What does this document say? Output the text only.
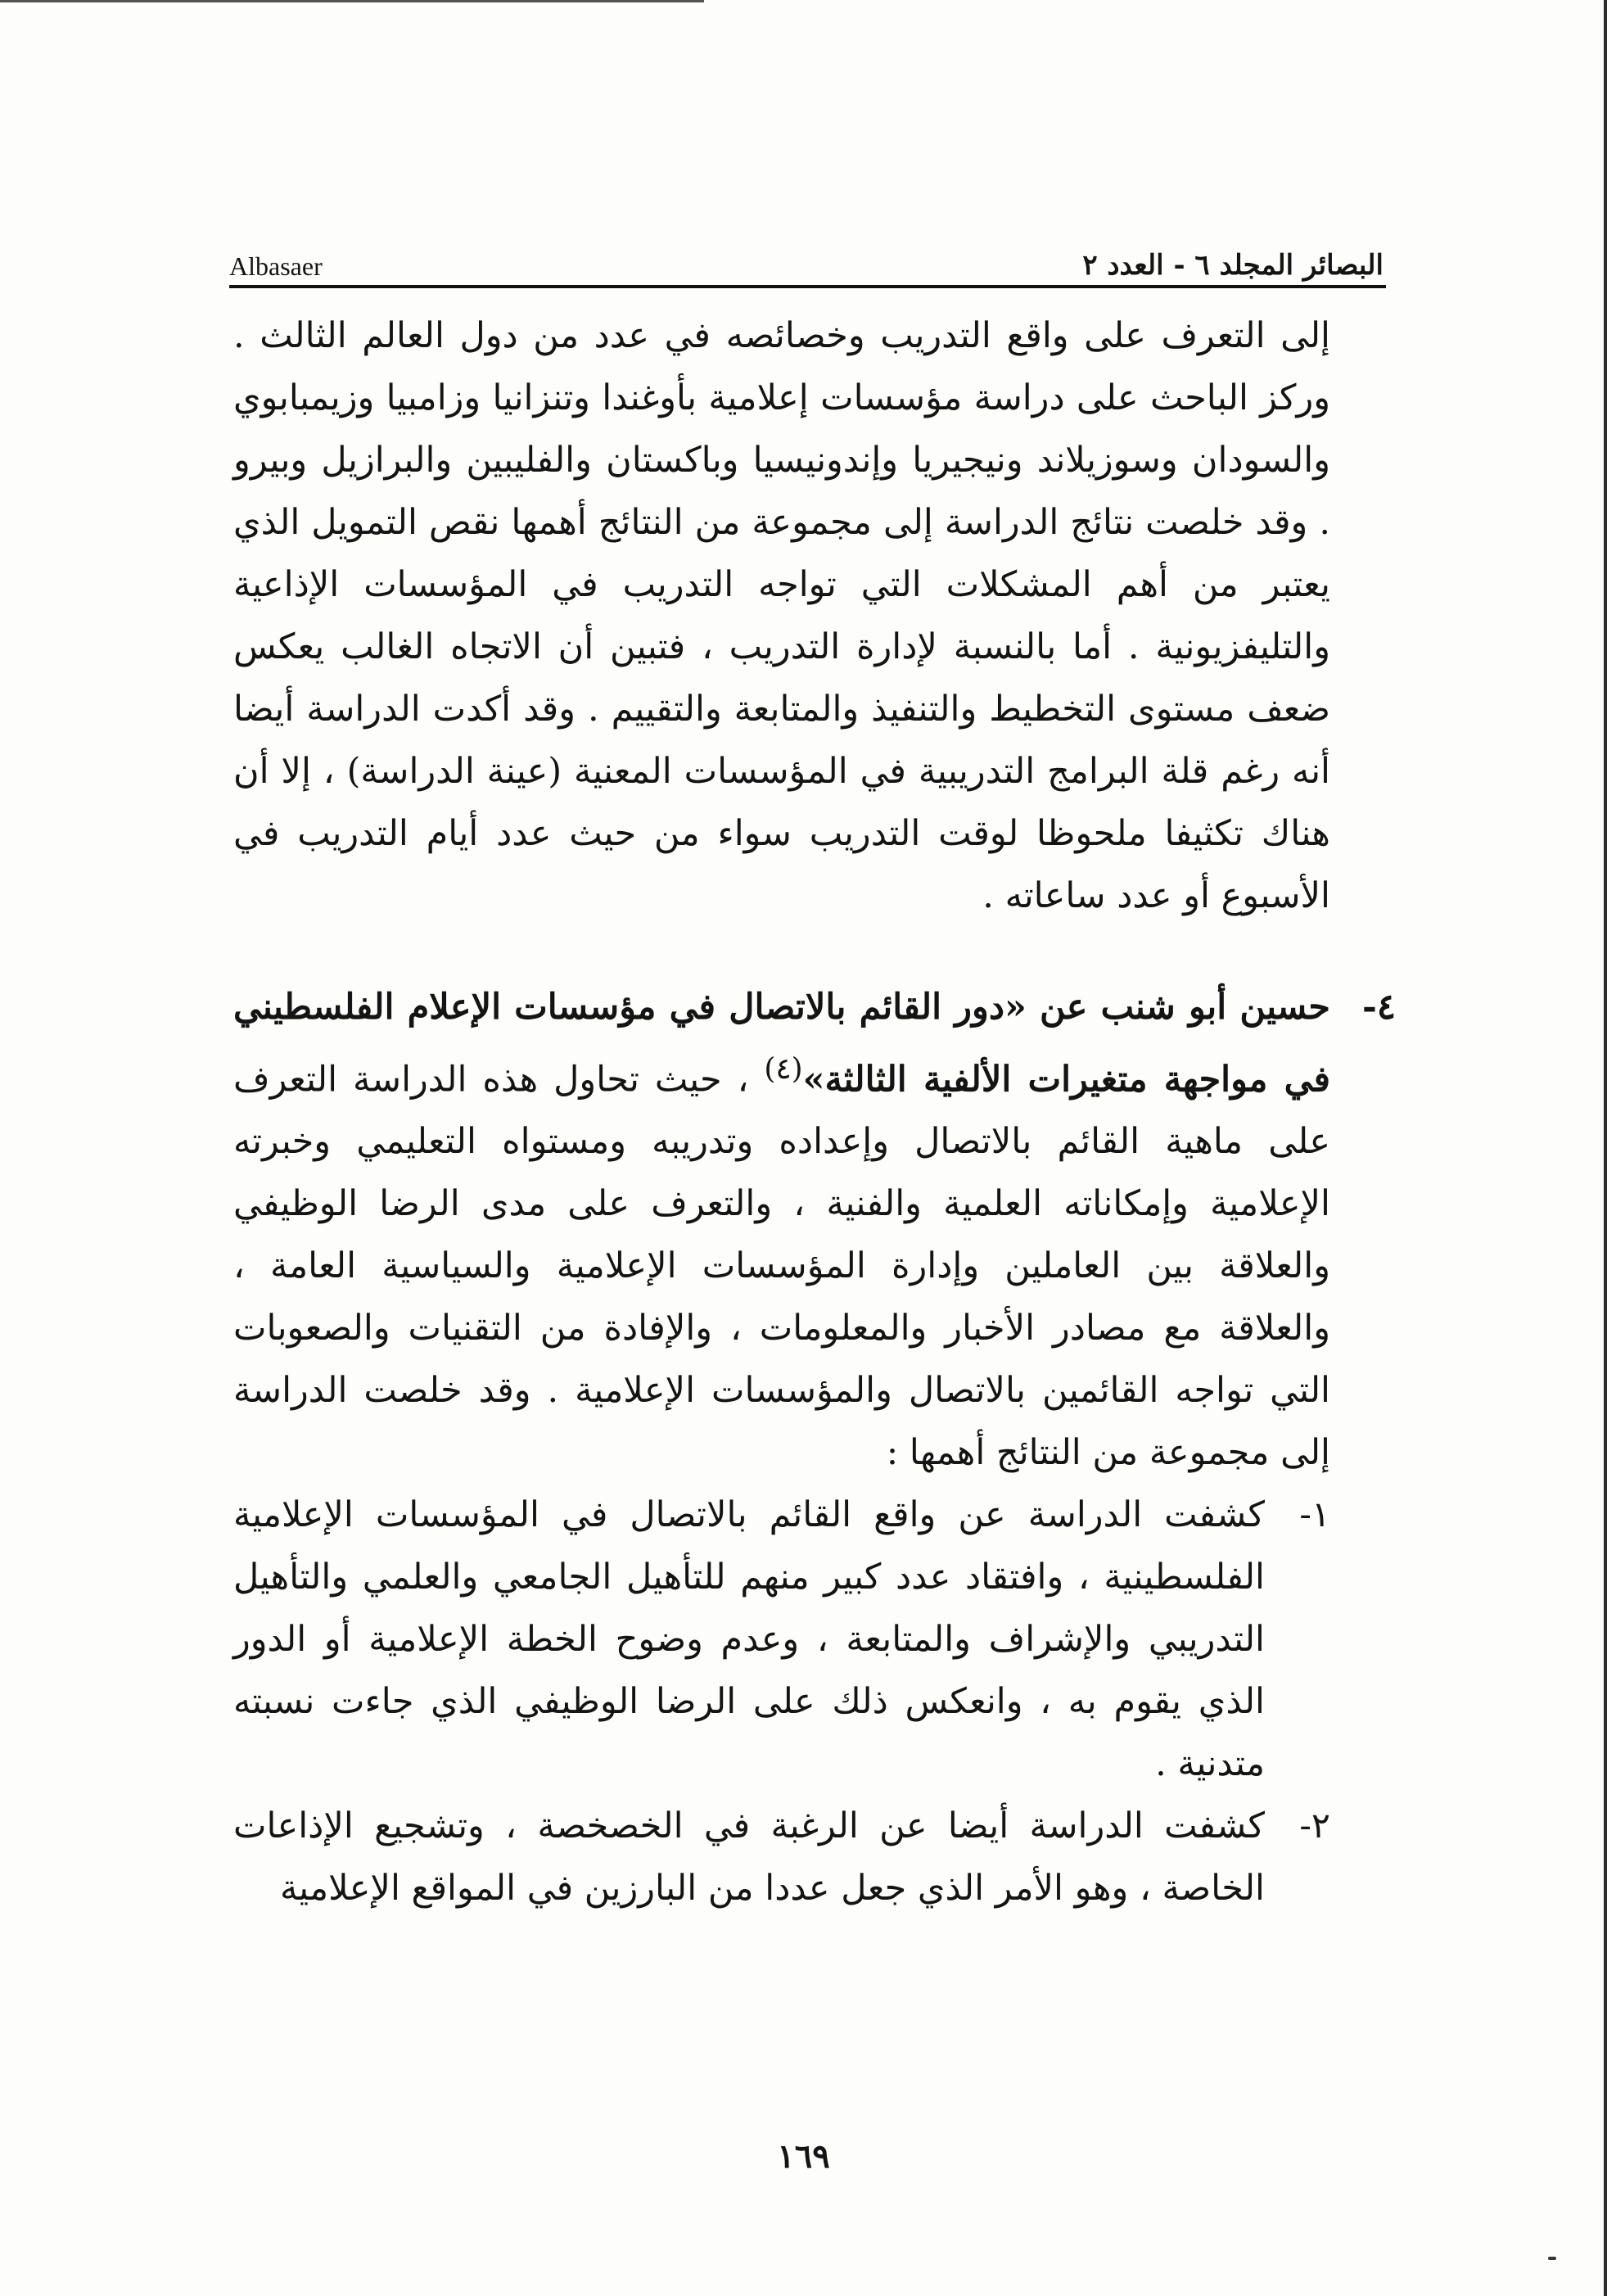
Albasaer	البصائر المجلد ٦ - العدد ٢

إلى التعرف على واقع التدريب وخصائصه في عدد من دول العالم الثالث . وركز الباحث على دراسة مؤسسات إعلامية بأوغندا وتنزانيا وزامبيا وزيمبابوي والسودان وسوزيلاند ونيجيريا وإندونيسيا وباكستان والفليبين والبرازيل وبيرو . وقد خلصت نتائج الدراسة إلى مجموعة من النتائج أهمها نقص التمويل الذي يعتبر من أهم المشكلات التي تواجه التدريب في المؤسسات الإذاعية والتليفزيونية . أما بالنسبة لإدارة التدريب ، فتبين أن الاتجاه الغالب يعكس ضعف مستوى التخطيط والتنفيذ والمتابعة والتقييم . وقد أكدت الدراسة أيضا أنه رغم قلة البرامج التدريبية في المؤسسات المعنية (عينة الدراسة) ، إلا أن هناك تكثيفا ملحوظا لوقت التدريب سواء من حيث عدد أيام التدريب في الأسبوع أو عدد ساعاته .

٤-

حسين أبو شنب عن «دور القائم بالاتصال في مؤسسات الإعلام الفلسطيني في مواجهة متغيرات الألفية الثالثة»$^{(٤)}$ ، حيث تحاول هذه الدراسة التعرف على ماهية القائم بالاتصال وإعداده وتدريبه ومستواه التعليمي وخبرته الإعلامية وإمكاناته العلمية والفنية ، والتعرف على مدى الرضا الوظيفي والعلاقة بين العاملين وإدارة المؤسسات الإعلامية والسياسية العامة ، والعلاقة مع مصادر الأخبار والمعلومات ، والإفادة من التقنيات والصعوبات التي تواجه القائمين بالاتصال والمؤسسات الإعلامية . وقد خلصت الدراسة إلى مجموعة من النتائج أهمها :

١-
كشفت الدراسة عن واقع القائم بالاتصال في المؤسسات الإعلامية الفلسطينية ، وافتقاد عدد كبير منهم للتأهيل الجامعي والعلمي والتأهيل التدريبي والإشراف والمتابعة ، وعدم وضوح الخطة الإعلامية أو الدور الذي يقوم به ، وانعكس ذلك على الرضا الوظيفي الذي جاءت نسبته متدنية .
٢-
كشفت الدراسة أيضا عن الرغبة في الخصخصة ، وتشجيع الإذاعات الخاصة ، وهو الأمر الذي جعل عددا من البارزين في المواقع الإعلامية
١٦٩
